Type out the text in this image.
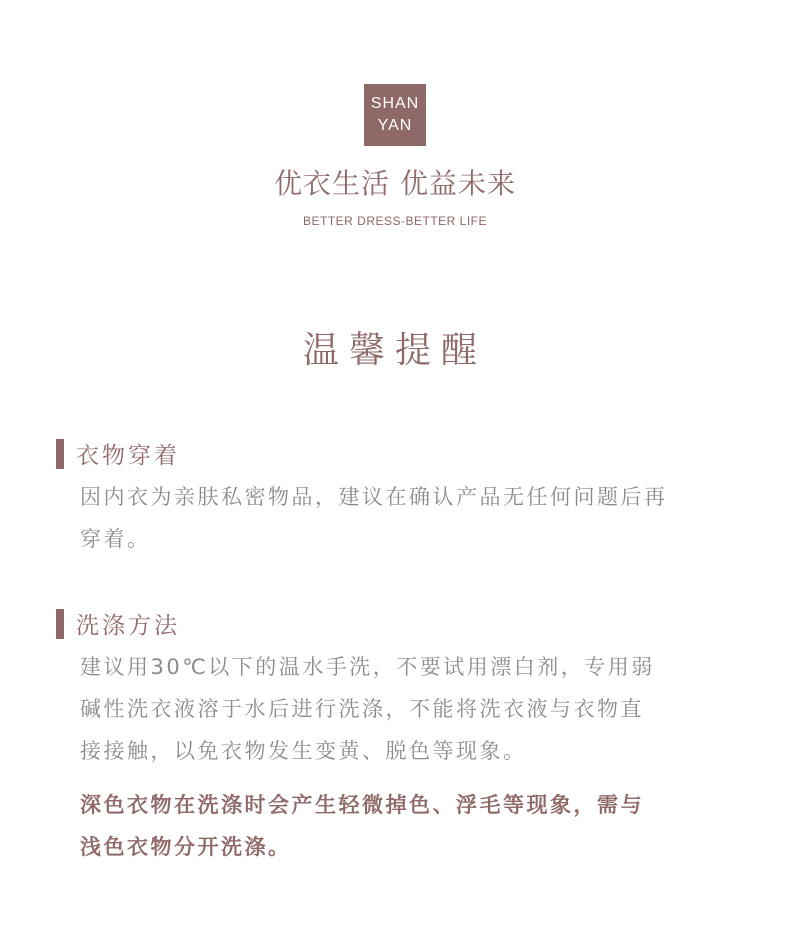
SHAN
YAN
优衣生活 优益未来
BETTER DRESS-BETTER LIFE
温馨提醒
衣物穿着
因内衣为亲肤私密物品，建议在确认产品无任何问题后再
穿着。
洗涤方法
建议用30℃以下的温水手洗，不要试用漂白剂，专用弱
碱性洗衣液溶于水后进行洗涤，不能将洗衣液与衣物直
接接触，以免衣物发生变黄、脱色等现象。
深色衣物在洗涤时会产生轻微掉色、浮毛等现象，需与
浅色衣物分开洗涤。
